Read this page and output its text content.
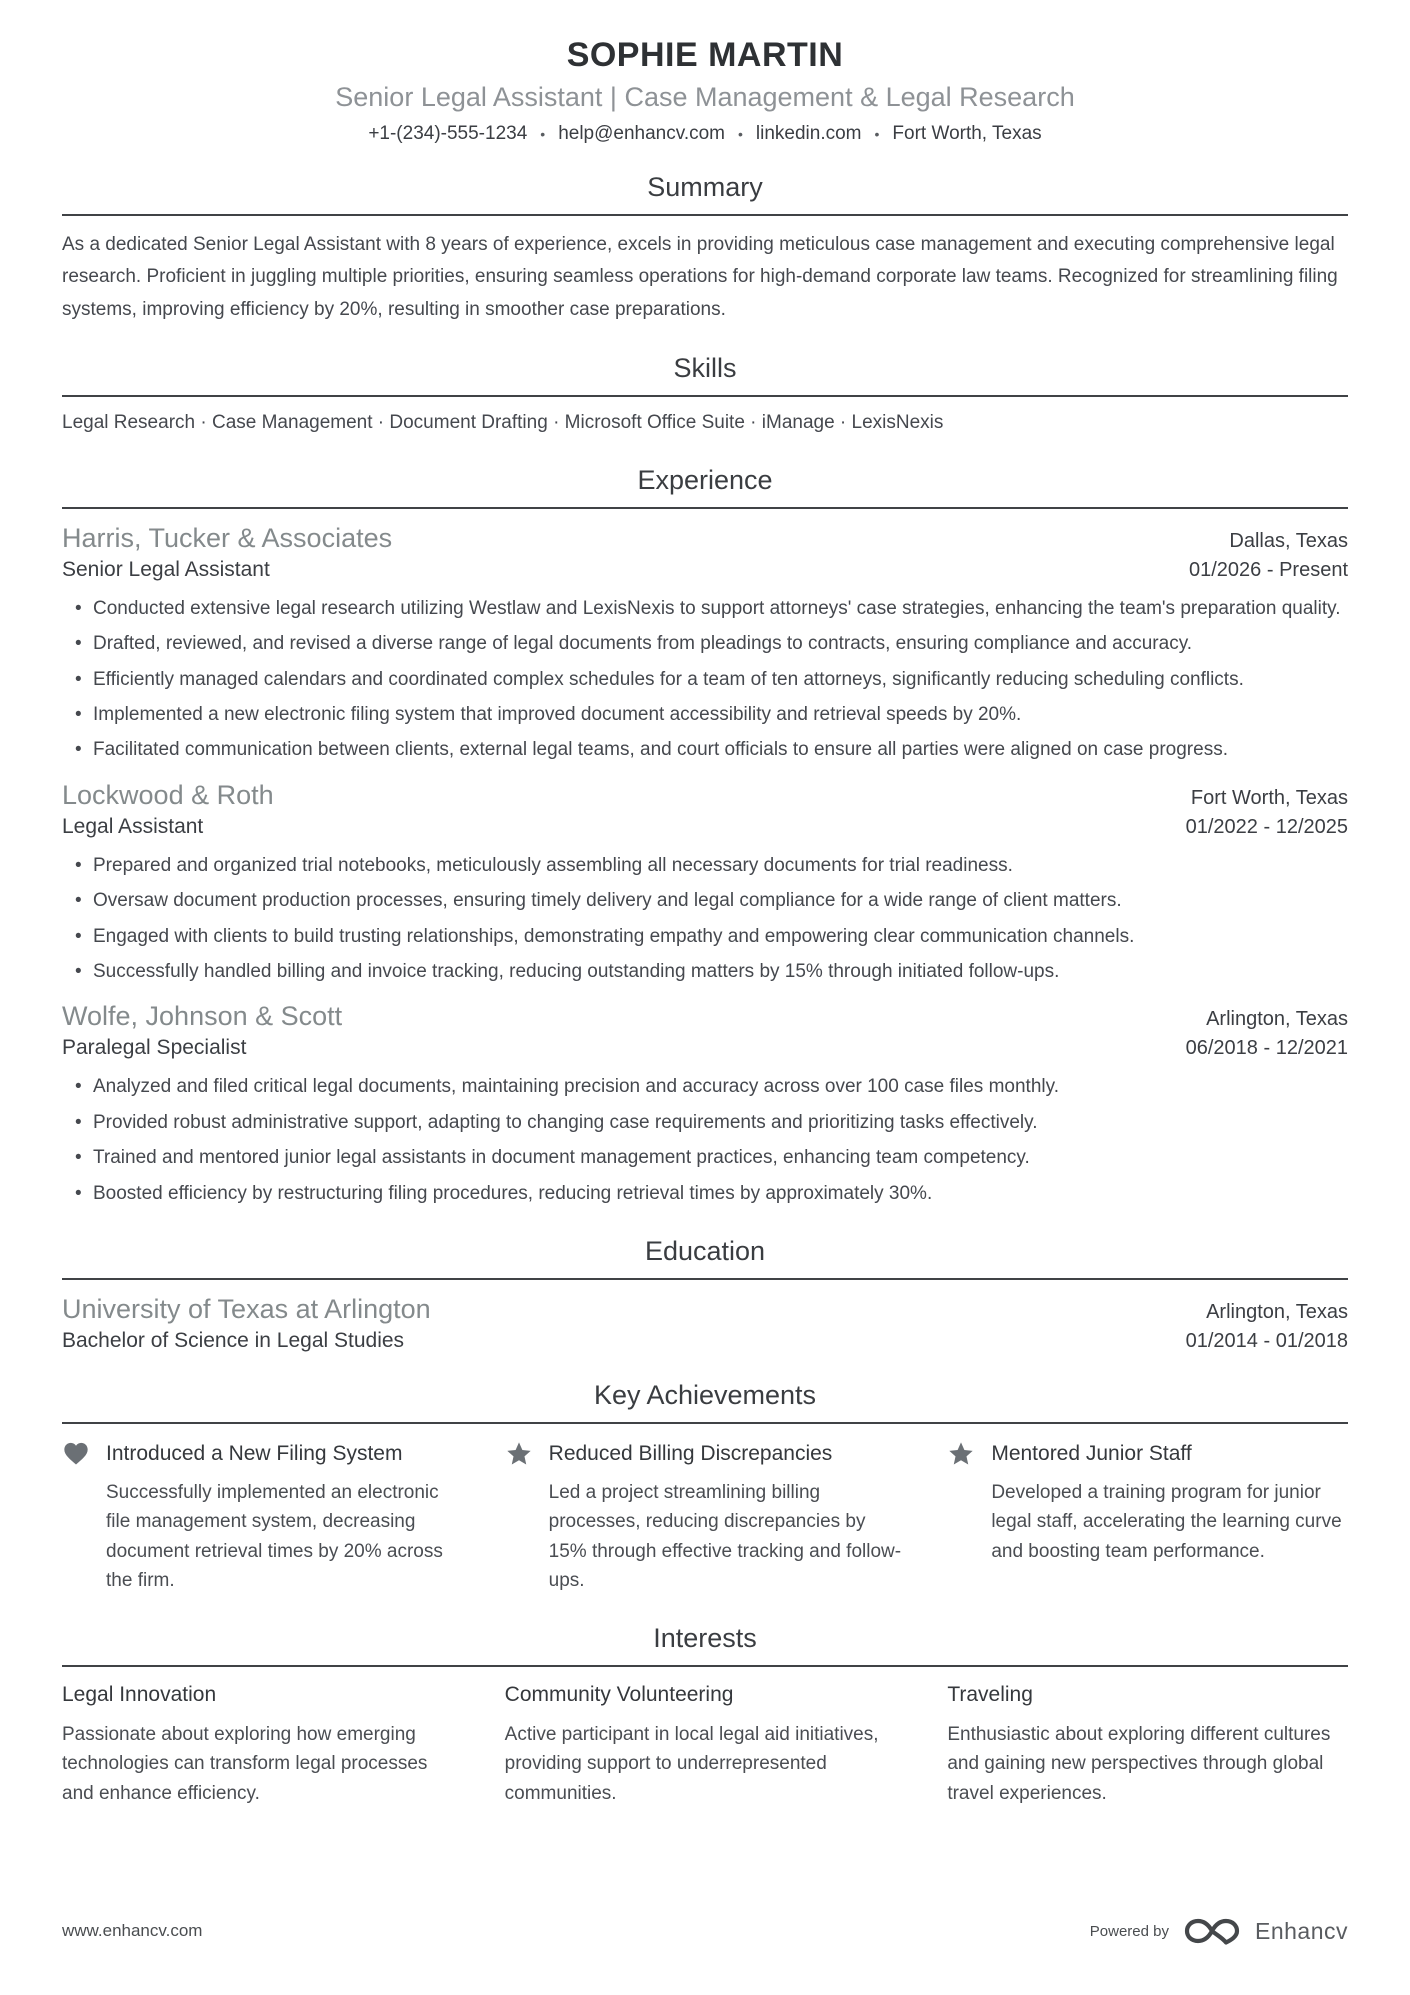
SOPHIE MARTIN
Senior Legal Assistant | Case Management & Legal Research
+1-(234)-555-1234 • help@enhancv.com • linkedin.com • Fort Worth, Texas
Summary

As a dedicated Senior Legal Assistant with 8 years of experience, excels in providing meticulous case management and executing comprehensive legal research. Proficient in juggling multiple priorities, ensuring seamless operations for high-demand corporate law teams. Recognized for streamlining filing systems, improving efficiency by 20%, resulting in smoother case preparations.

Skills
Legal Research · Case Management · Document Drafting · Microsoft Office Suite · iManage · LexisNexis
Experience
Harris, Tucker & Associates	Dallas, Texas
Senior Legal Assistant	01/2026 - Present
• Conducted extensive legal research utilizing Westlaw and LexisNexis to support attorneys' case strategies, enhancing the team's preparation quality.
• Drafted, reviewed, and revised a diverse range of legal documents from pleadings to contracts, ensuring compliance and accuracy.
• Efficiently managed calendars and coordinated complex schedules for a team of ten attorneys, significantly reducing scheduling conflicts.
• Implemented a new electronic filing system that improved document accessibility and retrieval speeds by 20%.
• Facilitated communication between clients, external legal teams, and court officials to ensure all parties were aligned on case progress.
Lockwood & Roth	Fort Worth, Texas
Legal Assistant	01/2022 - 12/2025
• Prepared and organized trial notebooks, meticulously assembling all necessary documents for trial readiness.
• Oversaw document production processes, ensuring timely delivery and legal compliance for a wide range of client matters.
• Engaged with clients to build trusting relationships, demonstrating empathy and empowering clear communication channels.
• Successfully handled billing and invoice tracking, reducing outstanding matters by 15% through initiated follow-ups.
Wolfe, Johnson & Scott	Arlington, Texas
Paralegal Specialist	06/2018 - 12/2021
• Analyzed and filed critical legal documents, maintaining precision and accuracy across over 100 case files monthly.
• Provided robust administrative support, adapting to changing case requirements and prioritizing tasks effectively.
• Trained and mentored junior legal assistants in document management practices, enhancing team competency.
• Boosted efficiency by restructuring filing procedures, reducing retrieval times by approximately 30%.
Education
University of Texas at Arlington	Arlington, Texas
Bachelor of Science in Legal Studies	01/2014 - 01/2018
Key Achievements
Introduced a New Filing System
Successfully implemented an electronic file management system, decreasing document retrieval times by 20% across the firm.
Reduced Billing Discrepancies
Led a project streamlining billing processes, reducing discrepancies by 15% through effective tracking and follow-ups.
Mentored Junior Staff
Developed a training program for junior legal staff, accelerating the learning curve and boosting team performance.
Interests
Legal Innovation
Passionate about exploring how emerging technologies can transform legal processes and enhance efficiency.
Community Volunteering
Active participant in local legal aid initiatives, providing support to underrepresented communities.
Traveling
Enthusiastic about exploring different cultures and gaining new perspectives through global travel experiences.
www.enhancv.com	Powered by	Enhancv
